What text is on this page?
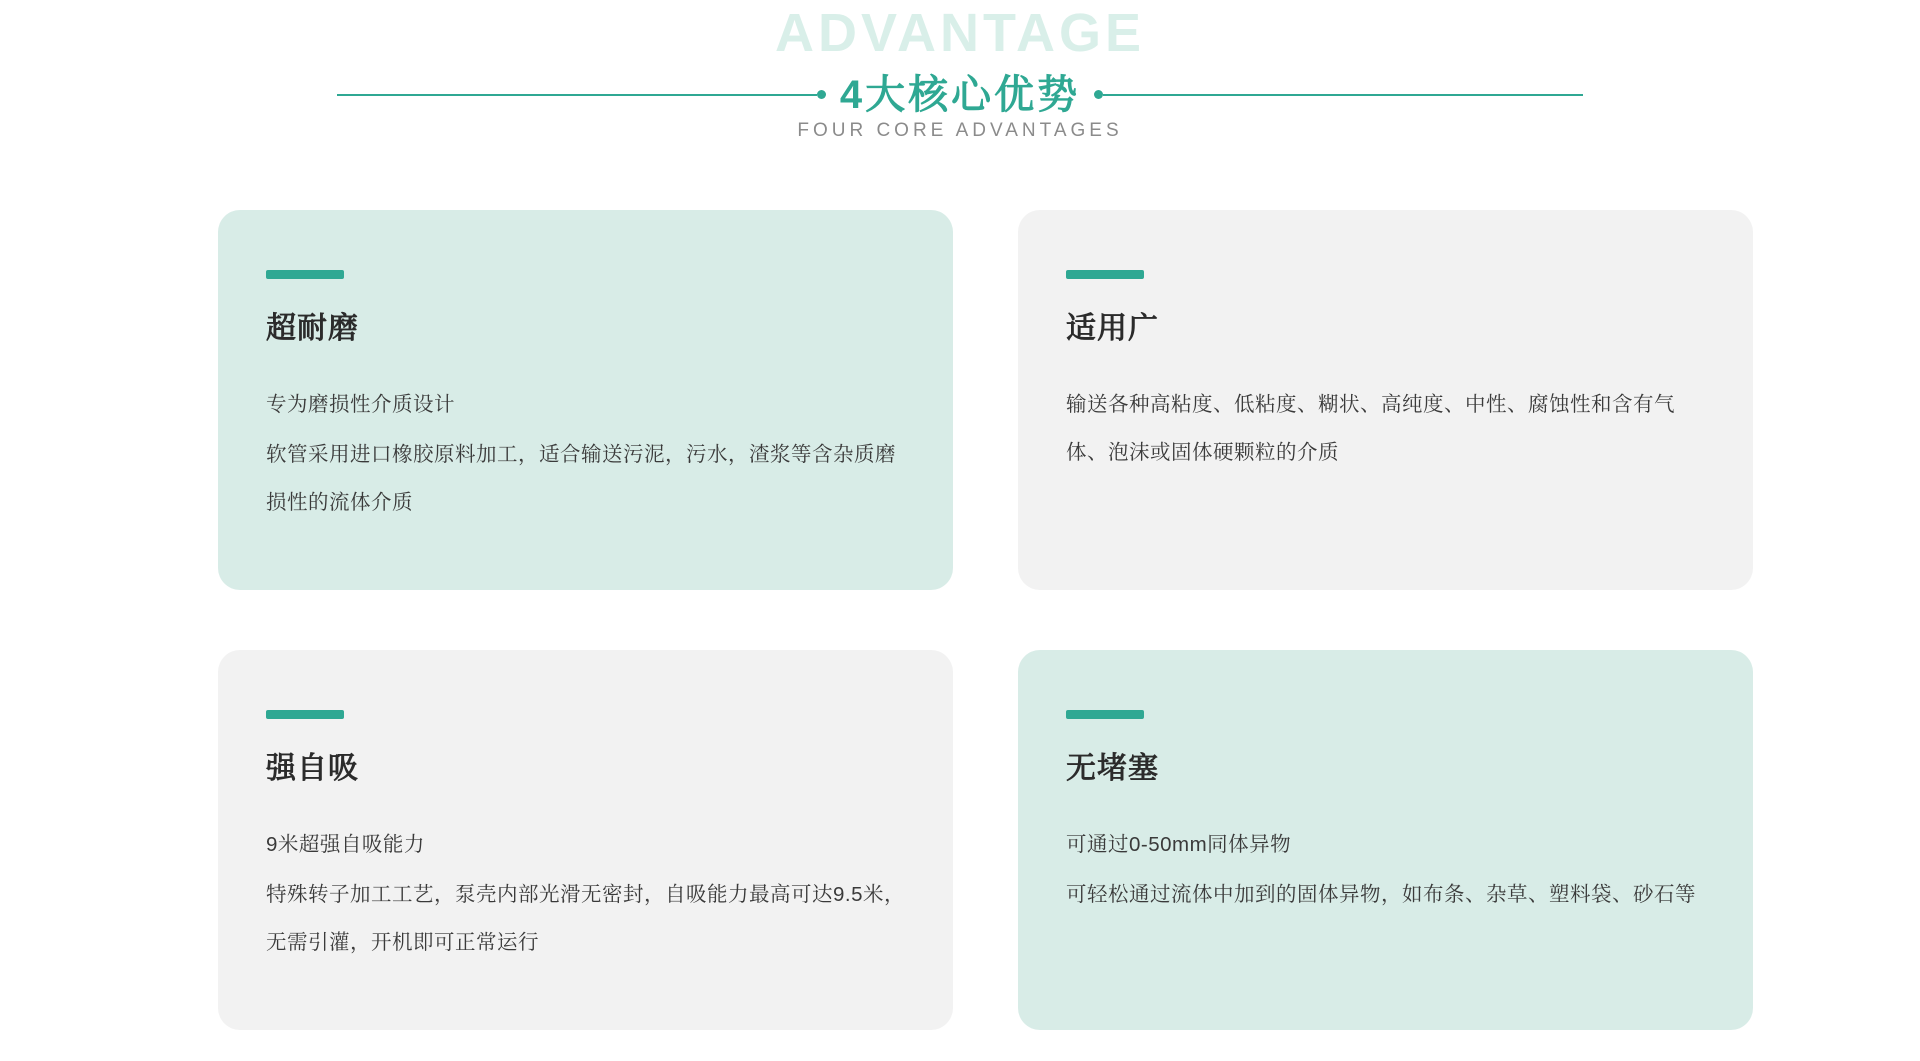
ADVANTAGE
4大核心优势
FOUR CORE ADVANTAGES
超耐磨

专为磨损性介质设计

软管采用进口橡胶原料加工，适合输送污泥，污水，渣浆等含杂质磨损性的流体介质

适用广

输送各种高粘度、低粘度、糊状、高纯度、中性、腐蚀性和含有气体、泡沫或固体硬颗粒的介质

强自吸

9米超强自吸能力

特殊转子加工工艺，泵壳内部光滑无密封，自吸能力最高可达9.5米，无需引灌，开机即可正常运行

无堵塞

可通过0-50mm同体异物

可轻松通过流体中加到的固体异物，如布条、杂草、塑料袋、砂石等
